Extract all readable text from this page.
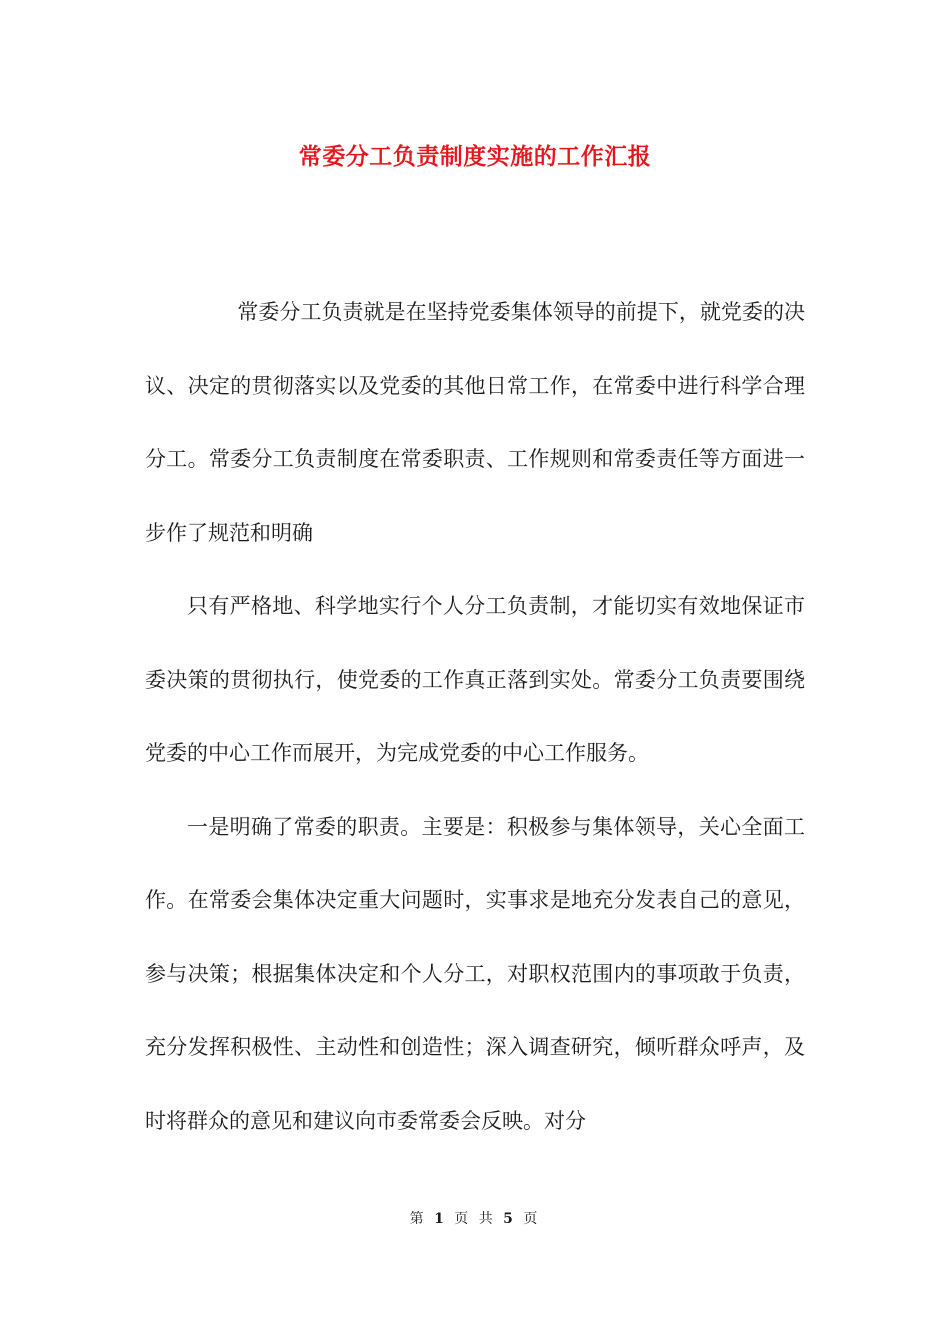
常委分工负责制度实施的工作汇报

常委分工负责就是在坚持党委集体领导的前提下，就党委的决议、决定的贯彻落实以及党委的其他日常工作，在常委中进行科学合理分工。常委分工负责制度在常委职责、工作规则和常委责任等方面进一步作了规范和明确

只有严格地、科学地实行个人分工负责制，才能切实有效地保证市委决策的贯彻执行，使党委的工作真正落到实处。常委分工负责要围绕党委的中心工作而展开，为完成党委的中心工作服务。

一是明确了常委的职责。主要是：积极参与集体领导，关心全面工作。在常委会集体决定重大问题时，实事求是地充分发表自己的意见，参与决策；根据集体决定和个人分工，对职权范围内的事项敢于负责，充分发挥积极性、主动性和创造性；深入调查研究，倾听群众呼声，及时将群众的意见和建议向市委常委会反映。对分

第 1 页 共 5 页
